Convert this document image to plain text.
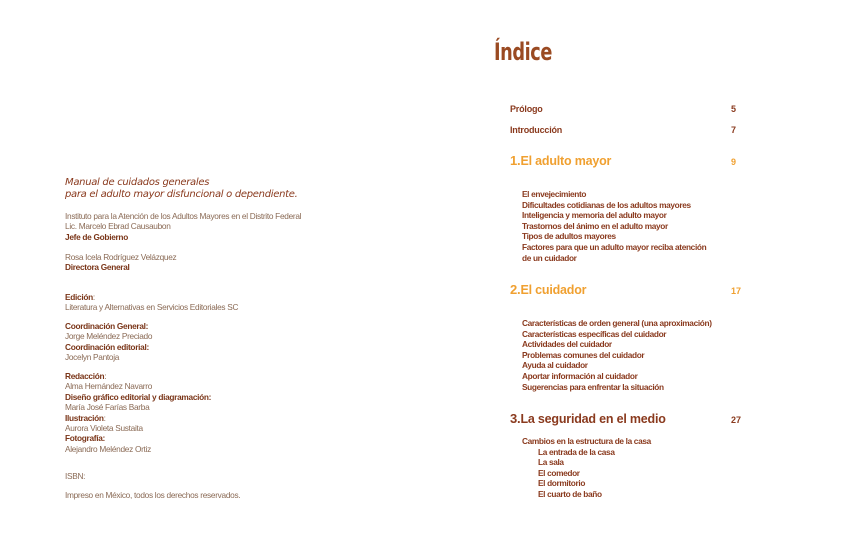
Manual de cuidados generales
para el adulto mayor disfuncional o dependiente.
Instituto para la Atención de los Adultos Mayores en el Distrito Federal
Lic. Marcelo Ebrad Causaubon
Jefe de Gobierno
Rosa Icela Rodríguez Velázquez
Directora General
Edición:
Literatura y Alternativas en Servicios Editoriales SC
Coordinación General:
Jorge Meléndez Preciado
Coordinación editorial:
Jocelyn Pantoja
Redacción:
Alma Hernández Navarro
Diseño gráfico editorial y diagramación:
María José Farías Barba
Ilustración:
Aurora Violeta Sustaita
Fotografía:
Alejandro Meléndez Ortiz
ISBN:
Impreso en México, todos los derechos reservados.
Índice
Prólogo	5
Introducción	7
1.El adulto mayor	9
El envejecimiento
Dificultades cotidianas de los adultos mayores
Inteligencia y memoria del adulto mayor
Trastornos del ánimo en el adulto mayor
Tipos de adultos mayores
Factores para que un adulto mayor reciba atención
de un cuidador
2.El cuidador	17
Características de orden general (una aproximación)
Características específicas del cuidador
Actividades del cuidador
Problemas comunes del cuidador
Ayuda al cuidador
Aportar información al cuidador
Sugerencias para enfrentar la situación
3.La seguridad en el medio	27
Cambios en la estructura de la casa
La entrada de la casa
La sala
El comedor
El dormitorio
El cuarto de baño
